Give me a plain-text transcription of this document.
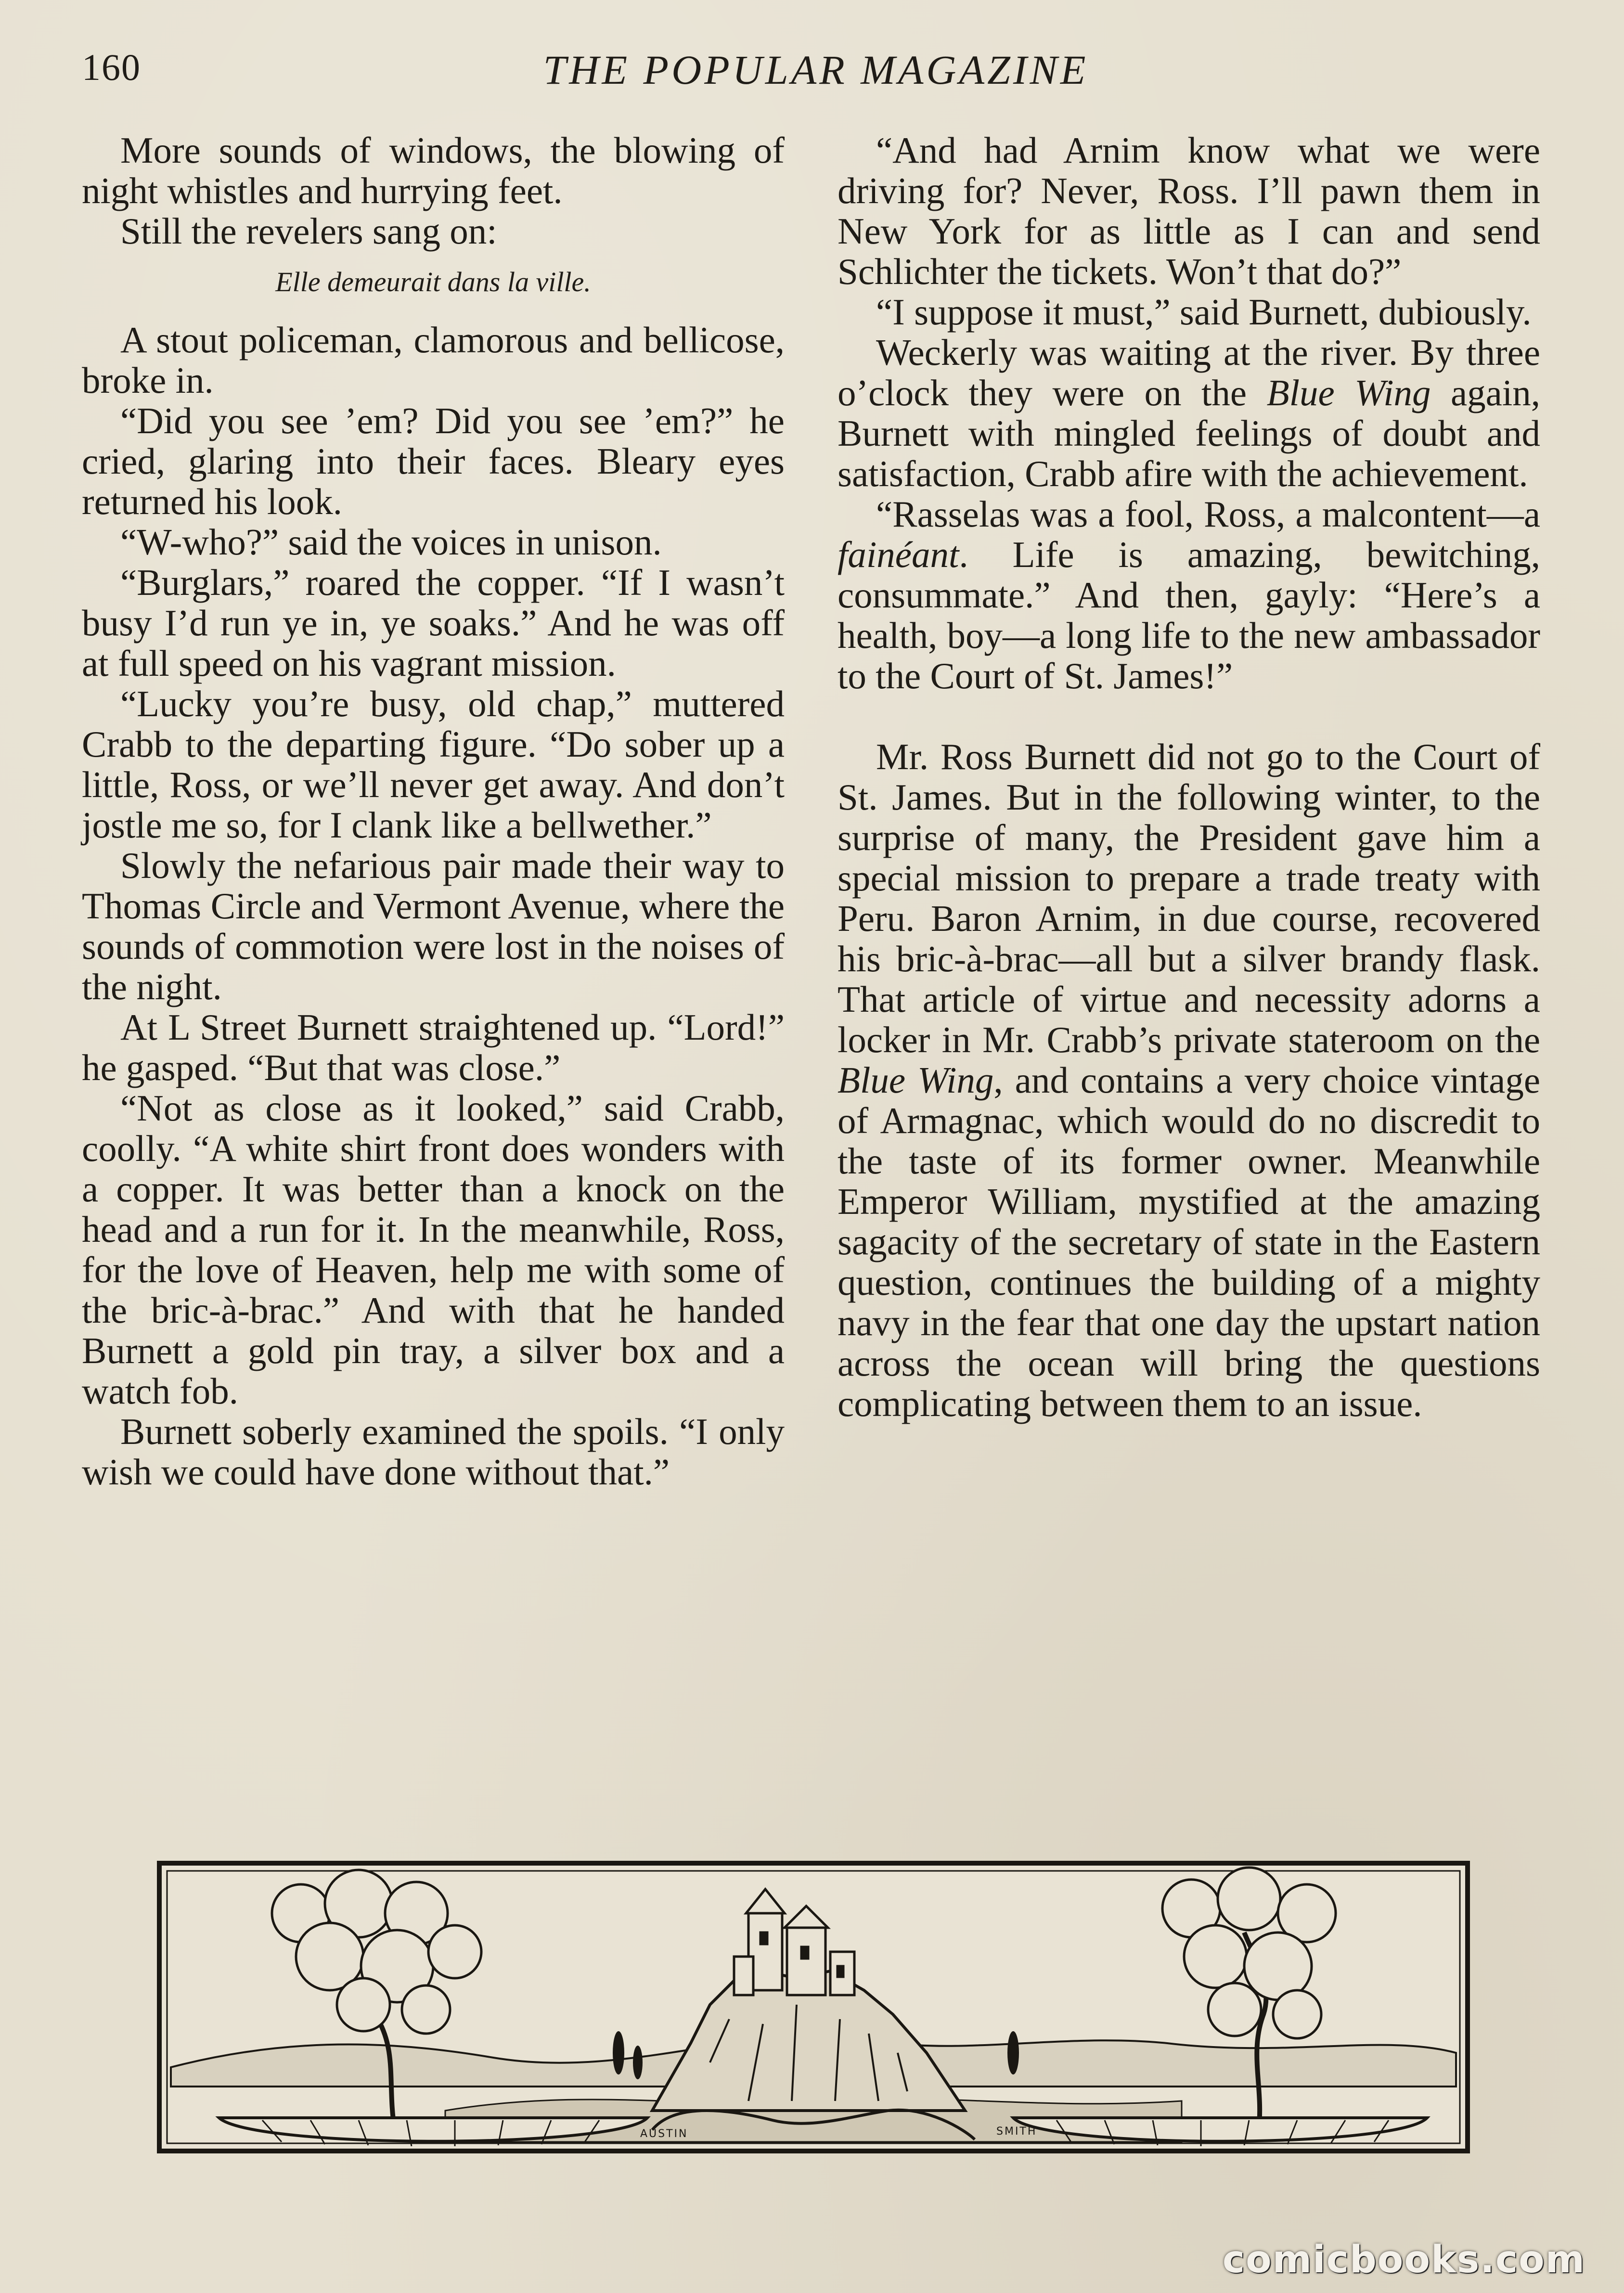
160	THE POPULAR MAGAZINE

More sounds of windows, the blowing of night whistles and hurrying feet.

Still the revelers sang on:

Elle demeurait dans la ville.

A stout policeman, clamorous and bellicose, broke in.

“Did you see ’em? Did you see ’em?” he cried, glaring into their faces. Bleary eyes returned his look.

“W-who?” said the voices in unison.

“Burglars,” roared the copper. “If I wasn’t busy I’d run ye in, ye soaks.” And he was off at full speed on his vagrant mission.

“Lucky you’re busy, old chap,” muttered Crabb to the departing figure. “Do sober up a little, Ross, or we’ll never get away. And don’t jostle me so, for I clank like a bellwether.”

Slowly the nefarious pair made their way to Thomas Circle and Vermont Avenue, where the sounds of commotion were lost in the noises of the night.

At L Street Burnett straightened up. “Lord!” he gasped. “But that was close.”

“Not as close as it looked,” said Crabb, coolly. “A white shirt front does wonders with a copper. It was better than a knock on the head and a run for it. In the meanwhile, Ross, for the love of Heaven, help me with some of the bric-à-brac.” And with that he handed Burnett a gold pin tray, a silver box and a watch fob.

Burnett soberly examined the spoils. “I only wish we could have done without that.”

“And had Arnim know what we were driving for? Never, Ross. I’ll pawn them in New York for as little as I can and send Schlichter the tickets. Won’t that do?”

“I suppose it must,” said Burnett, dubiously.

Weckerly was waiting at the river. By three o’clock they were on the Blue Wing again, Burnett with mingled feelings of doubt and satisfaction, Crabb afire with the achievement.

“Rasselas was a fool, Ross, a malcontent—a fainéant. Life is amazing, bewitching, consummate.” And then, gayly: “Here’s a health, boy—a long life to the new ambassador to the Court of St. James!”

Mr. Ross Burnett did not go to the Court of St. James. But in the following winter, to the surprise of many, the President gave him a special mission to prepare a trade treaty with Peru. Baron Arnim, in due course, recovered his bric-à-brac—all but a silver brandy flask. That article of virtue and necessity adorns a locker in Mr. Crabb’s private stateroom on the Blue Wing, and contains a very choice vintage of Armagnac, which would do no discredit to the taste of its former owner. Meanwhile Emperor William, mystified at the amazing sagacity of the secretary of state in the Eastern question, continues the building of a mighty navy in the fear that one day the upstart nation across the ocean will bring the questions complicating between them to an issue.

AUSTIN	SMITH
comicbooks.com
